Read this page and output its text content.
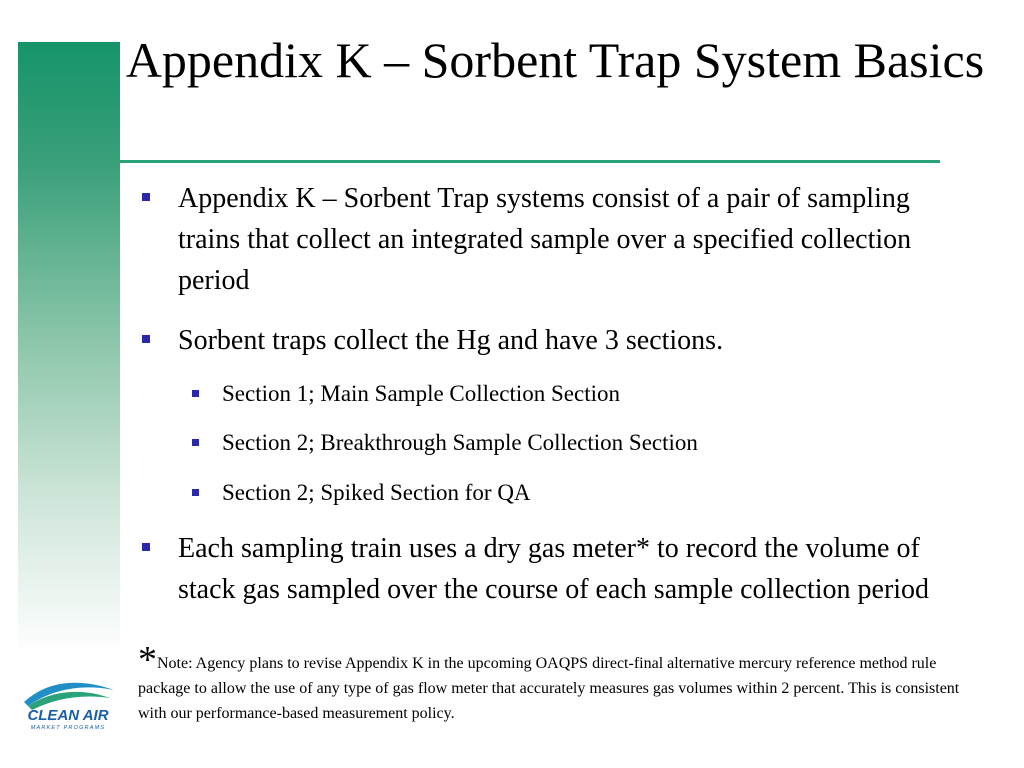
Appendix K – Sorbent Trap System Basics
Appendix K – Sorbent Trap systems consist of a pair of sampling trains that collect an integrated sample over a specified collection period
Sorbent traps collect the Hg and have 3 sections.
Section 1; Main Sample Collection Section
Section 2; Breakthrough Sample Collection Section
Section 2; Spiked Section for QA
Each sampling train uses a dry gas meter* to record the volume of stack gas sampled over the course of each sample collection period
*Note: Agency plans to revise Appendix K in the upcoming OAQPS direct-final alternative mercury reference method rule package to allow the use of any type of gas flow meter that accurately measures gas volumes within 2 percent. This is consistent with our performance-based measurement policy.
CLEAN AIR
MARKET PROGRAMS
